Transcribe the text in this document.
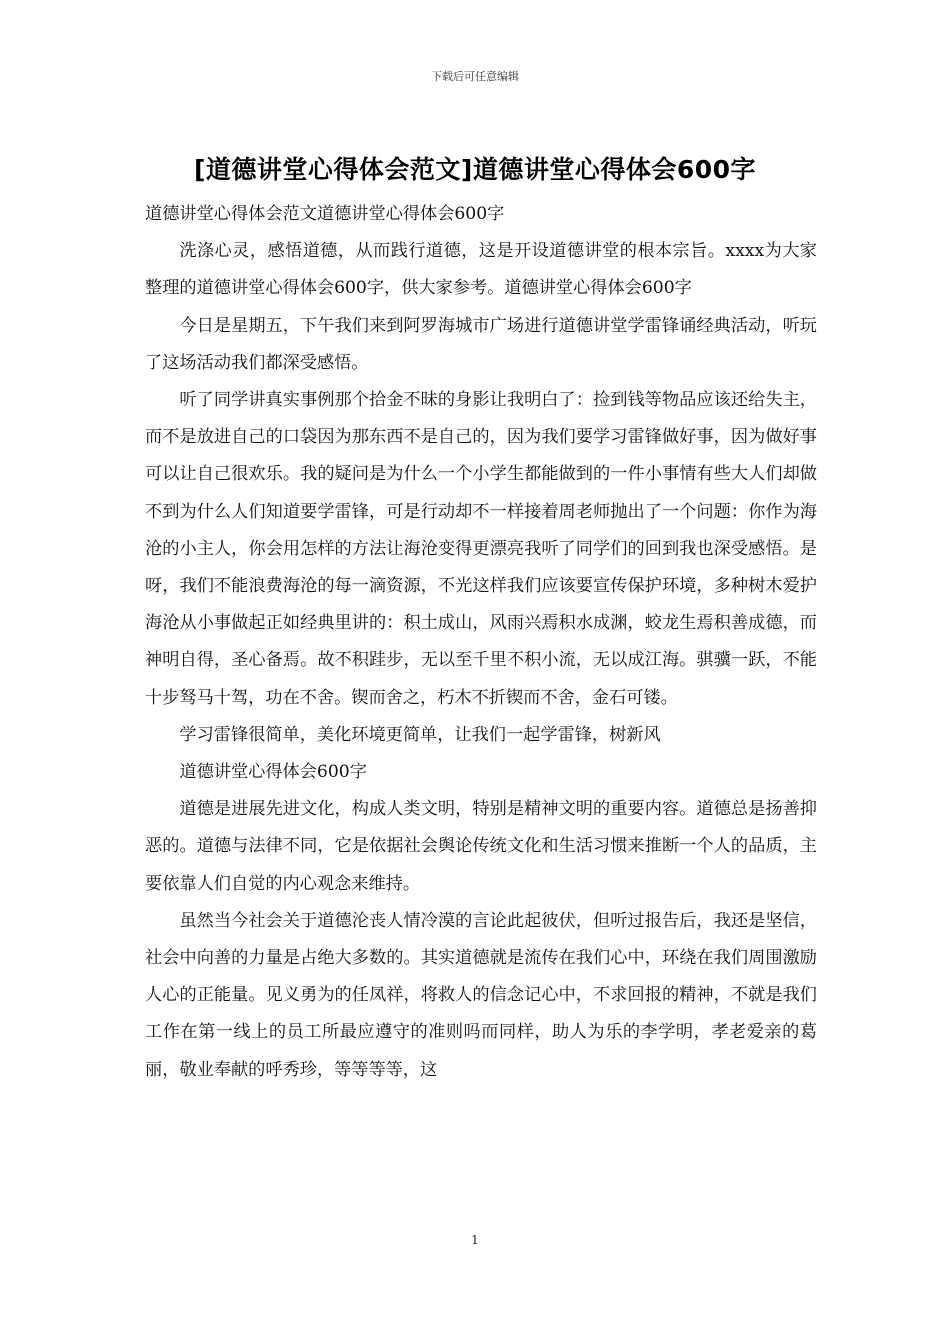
下载后可任意编辑
[道德讲堂心得体会范文]道德讲堂心得体会600字

道德讲堂心得体会范文道德讲堂心得体会600字

洗涤心灵，感悟道德，从而践行道德，这是开设道德讲堂的根本宗旨。xxxx为大家整理的道德讲堂心得体会600字，供大家参考。道德讲堂心得体会600字

今日是星期五，下午我们来到阿罗海城市广场进行道德讲堂学雷锋诵经典活动，听玩了这场活动我们都深受感悟。

听了同学讲真实事例那个拾金不昧的身影让我明白了：捡到钱等物品应该还给失主，而不是放进自己的口袋因为那东西不是自己的，因为我们要学习雷锋做好事，因为做好事可以让自己很欢乐。我的疑问是为什么一个小学生都能做到的一件小事情有些大人们却做不到为什么人们知道要学雷锋，可是行动却不一样接着周老师抛出了一个问题：你作为海沧的小主人，你会用怎样的方法让海沧变得更漂亮我听了同学们的回到我也深受感悟。是呀，我们不能浪费海沧的每一滴资源，不光这样我们应该要宣传保护环境，多种树木爱护海沧从小事做起正如经典里讲的：积土成山，风雨兴焉积水成渊，蛟龙生焉积善成德，而神明自得，圣心备焉。故不积跬步，无以至千里不积小流，无以成江海。骐骥一跃，不能十步驽马十驾，功在不舍。锲而舍之，朽木不折锲而不舍，金石可镂。

学习雷锋很简单，美化环境更简单，让我们一起学雷锋，树新风

道德讲堂心得体会600字

道德是进展先进文化，构成人类文明，特别是精神文明的重要内容。道德总是扬善抑恶的。道德与法律不同，它是依据社会舆论传统文化和生活习惯来推断一个人的品质，主要依靠人们自觉的内心观念来维持。

虽然当今社会关于道德沦丧人情冷漠的言论此起彼伏，但听过报告后，我还是坚信，社会中向善的力量是占绝大多数的。其实道德就是流传在我们心中，环绕在我们周围激励人心的正能量。见义勇为的任凤祥，将救人的信念记心中，不求回报的精神，不就是我们工作在第一线上的员工所最应遵守的准则吗而同样，助人为乐的李学明，孝老爱亲的葛丽，敬业奉献的呼秀珍，等等等等，这

1
